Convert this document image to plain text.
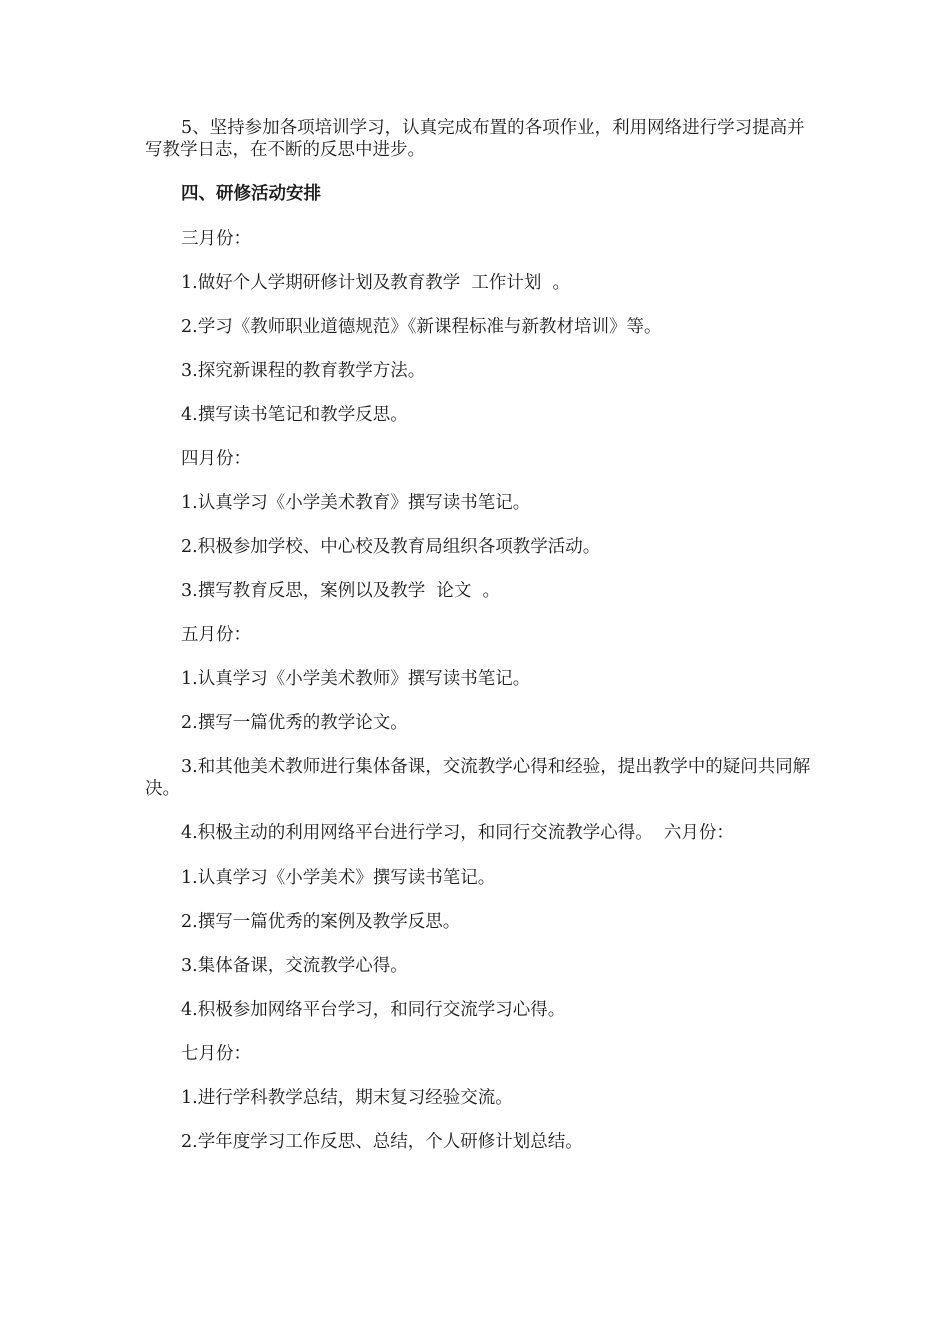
5、坚持参加各项培训学习，认真完成布置的各项作业，利用网络进行学习提高并写教学日志，在不断的反思中进步。

四、研修活动安排

三月份：

1.做好个人学期研修计划及教育教学  工作计划  。

2.学习《教师职业道德规范》《新课程标准与新教材培训》等。

3.探究新课程的教育教学方法。

4.撰写读书笔记和教学反思。

四月份：

1.认真学习《小学美术教育》撰写读书笔记。

2.积极参加学校、中心校及教育局组织各项教学活动。

3.撰写教育反思，案例以及教学  论文  。

五月份：

1.认真学习《小学美术教师》撰写读书笔记。

2.撰写一篇优秀的教学论文。

3.和其他美术教师进行集体备课，交流教学心得和经验，提出教学中的疑问共同解决。

4.积极主动的利用网络平台进行学习，和同行交流教学心得。  六月份：

1.认真学习《小学美术》撰写读书笔记。

2.撰写一篇优秀的案例及教学反思。

3.集体备课，交流教学心得。

4.积极参加网络平台学习，和同行交流学习心得。

七月份：

1.进行学科教学总结，期末复习经验交流。

2.学年度学习工作反思、总结，个人研修计划总结。
